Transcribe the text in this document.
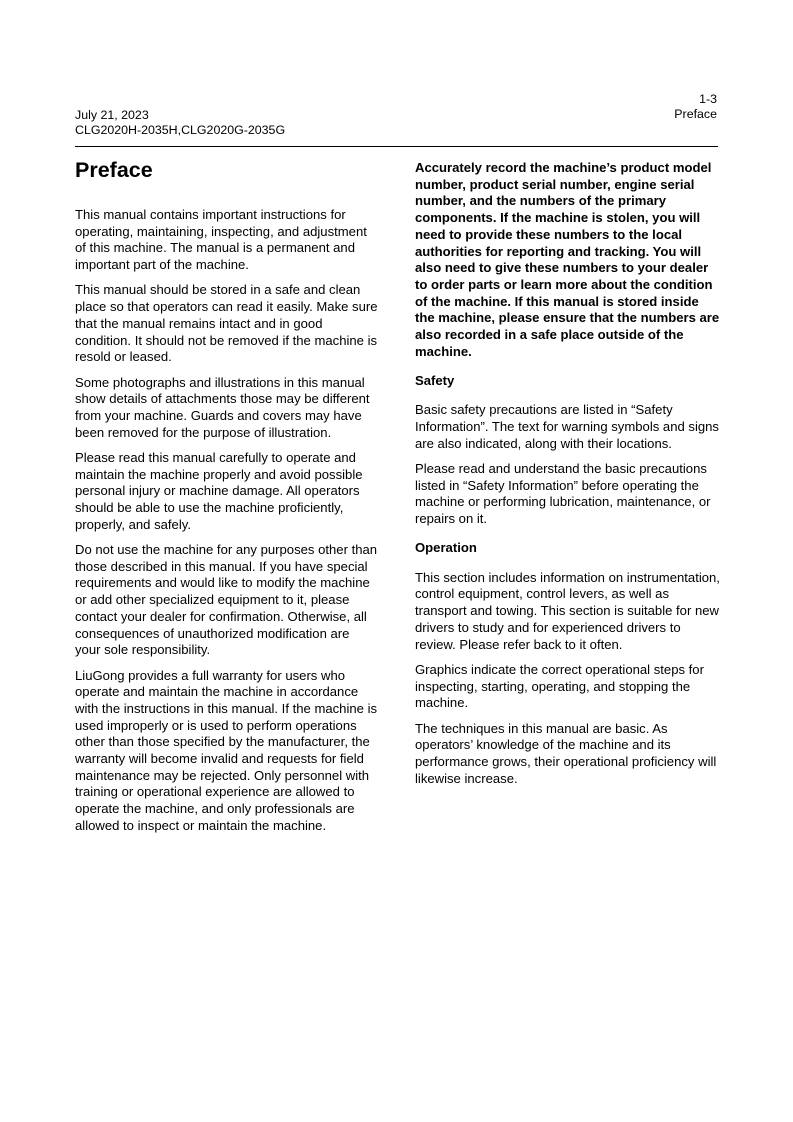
July 21, 2023
CLG2020H-2035H,CLG2020G-2035G
1-3
Preface
Preface

This manual contains important instructions for operating, maintaining, inspecting, and adjustment of this machine. The manual is a permanent and important part of the machine.

This manual should be stored in a safe and clean place so that operators can read it easily. Make sure that the manual remains intact and in good condition. It should not be removed if the machine is resold or leased.

Some photographs and illustrations in this manual show details of attachments those may be different from your machine. Guards and covers may have been removed for the purpose of illustration.

Please read this manual carefully to operate and maintain the machine properly and avoid possible personal injury or machine damage. All operators should be able to use the machine proficiently, properly, and safely.

Do not use the machine for any purposes other than those described in this manual. If you have special requirements and would like to modify the machine or add other specialized equipment to it, please contact your dealer for confirmation. Otherwise, all consequences of unauthorized modification are your sole responsibility.

LiuGong provides a full warranty for users who operate and maintain the machine in accordance with the instructions in this manual. If the machine is used improperly or is used to perform operations other than those specified by the manufacturer, the warranty will become invalid and requests for field maintenance may be rejected. Only personnel with training or operational experience are allowed to operate the machine, and only professionals are allowed to inspect or maintain the machine.

Accurately record the machine’s product model number, product serial number, engine serial number, and the numbers of the primary components. If the machine is stolen, you will need to provide these numbers to the local authorities for reporting and tracking. You will also need to give these numbers to your dealer to order parts or learn more about the condition of the machine. If this manual is stored inside the machine, please ensure that the numbers are also recorded in a safe place outside of the machine.

Safety

Basic safety precautions are listed in “Safety Information”. The text for warning symbols and signs are also indicated, along with their locations.

Please read and understand the basic precautions listed in “Safety Information” before operating the machine or performing lubrication, maintenance, or repairs on it.

Operation

This section includes information on instrumentation, control equipment, control levers, as well as transport and towing. This section is suitable for new drivers to study and for experienced drivers to review. Please refer back to it often.

Graphics indicate the correct operational steps for inspecting, starting, operating, and stopping the machine.

The techniques in this manual are basic. As operators’ knowledge of the machine and its performance grows, their operational proficiency will likewise increase.
